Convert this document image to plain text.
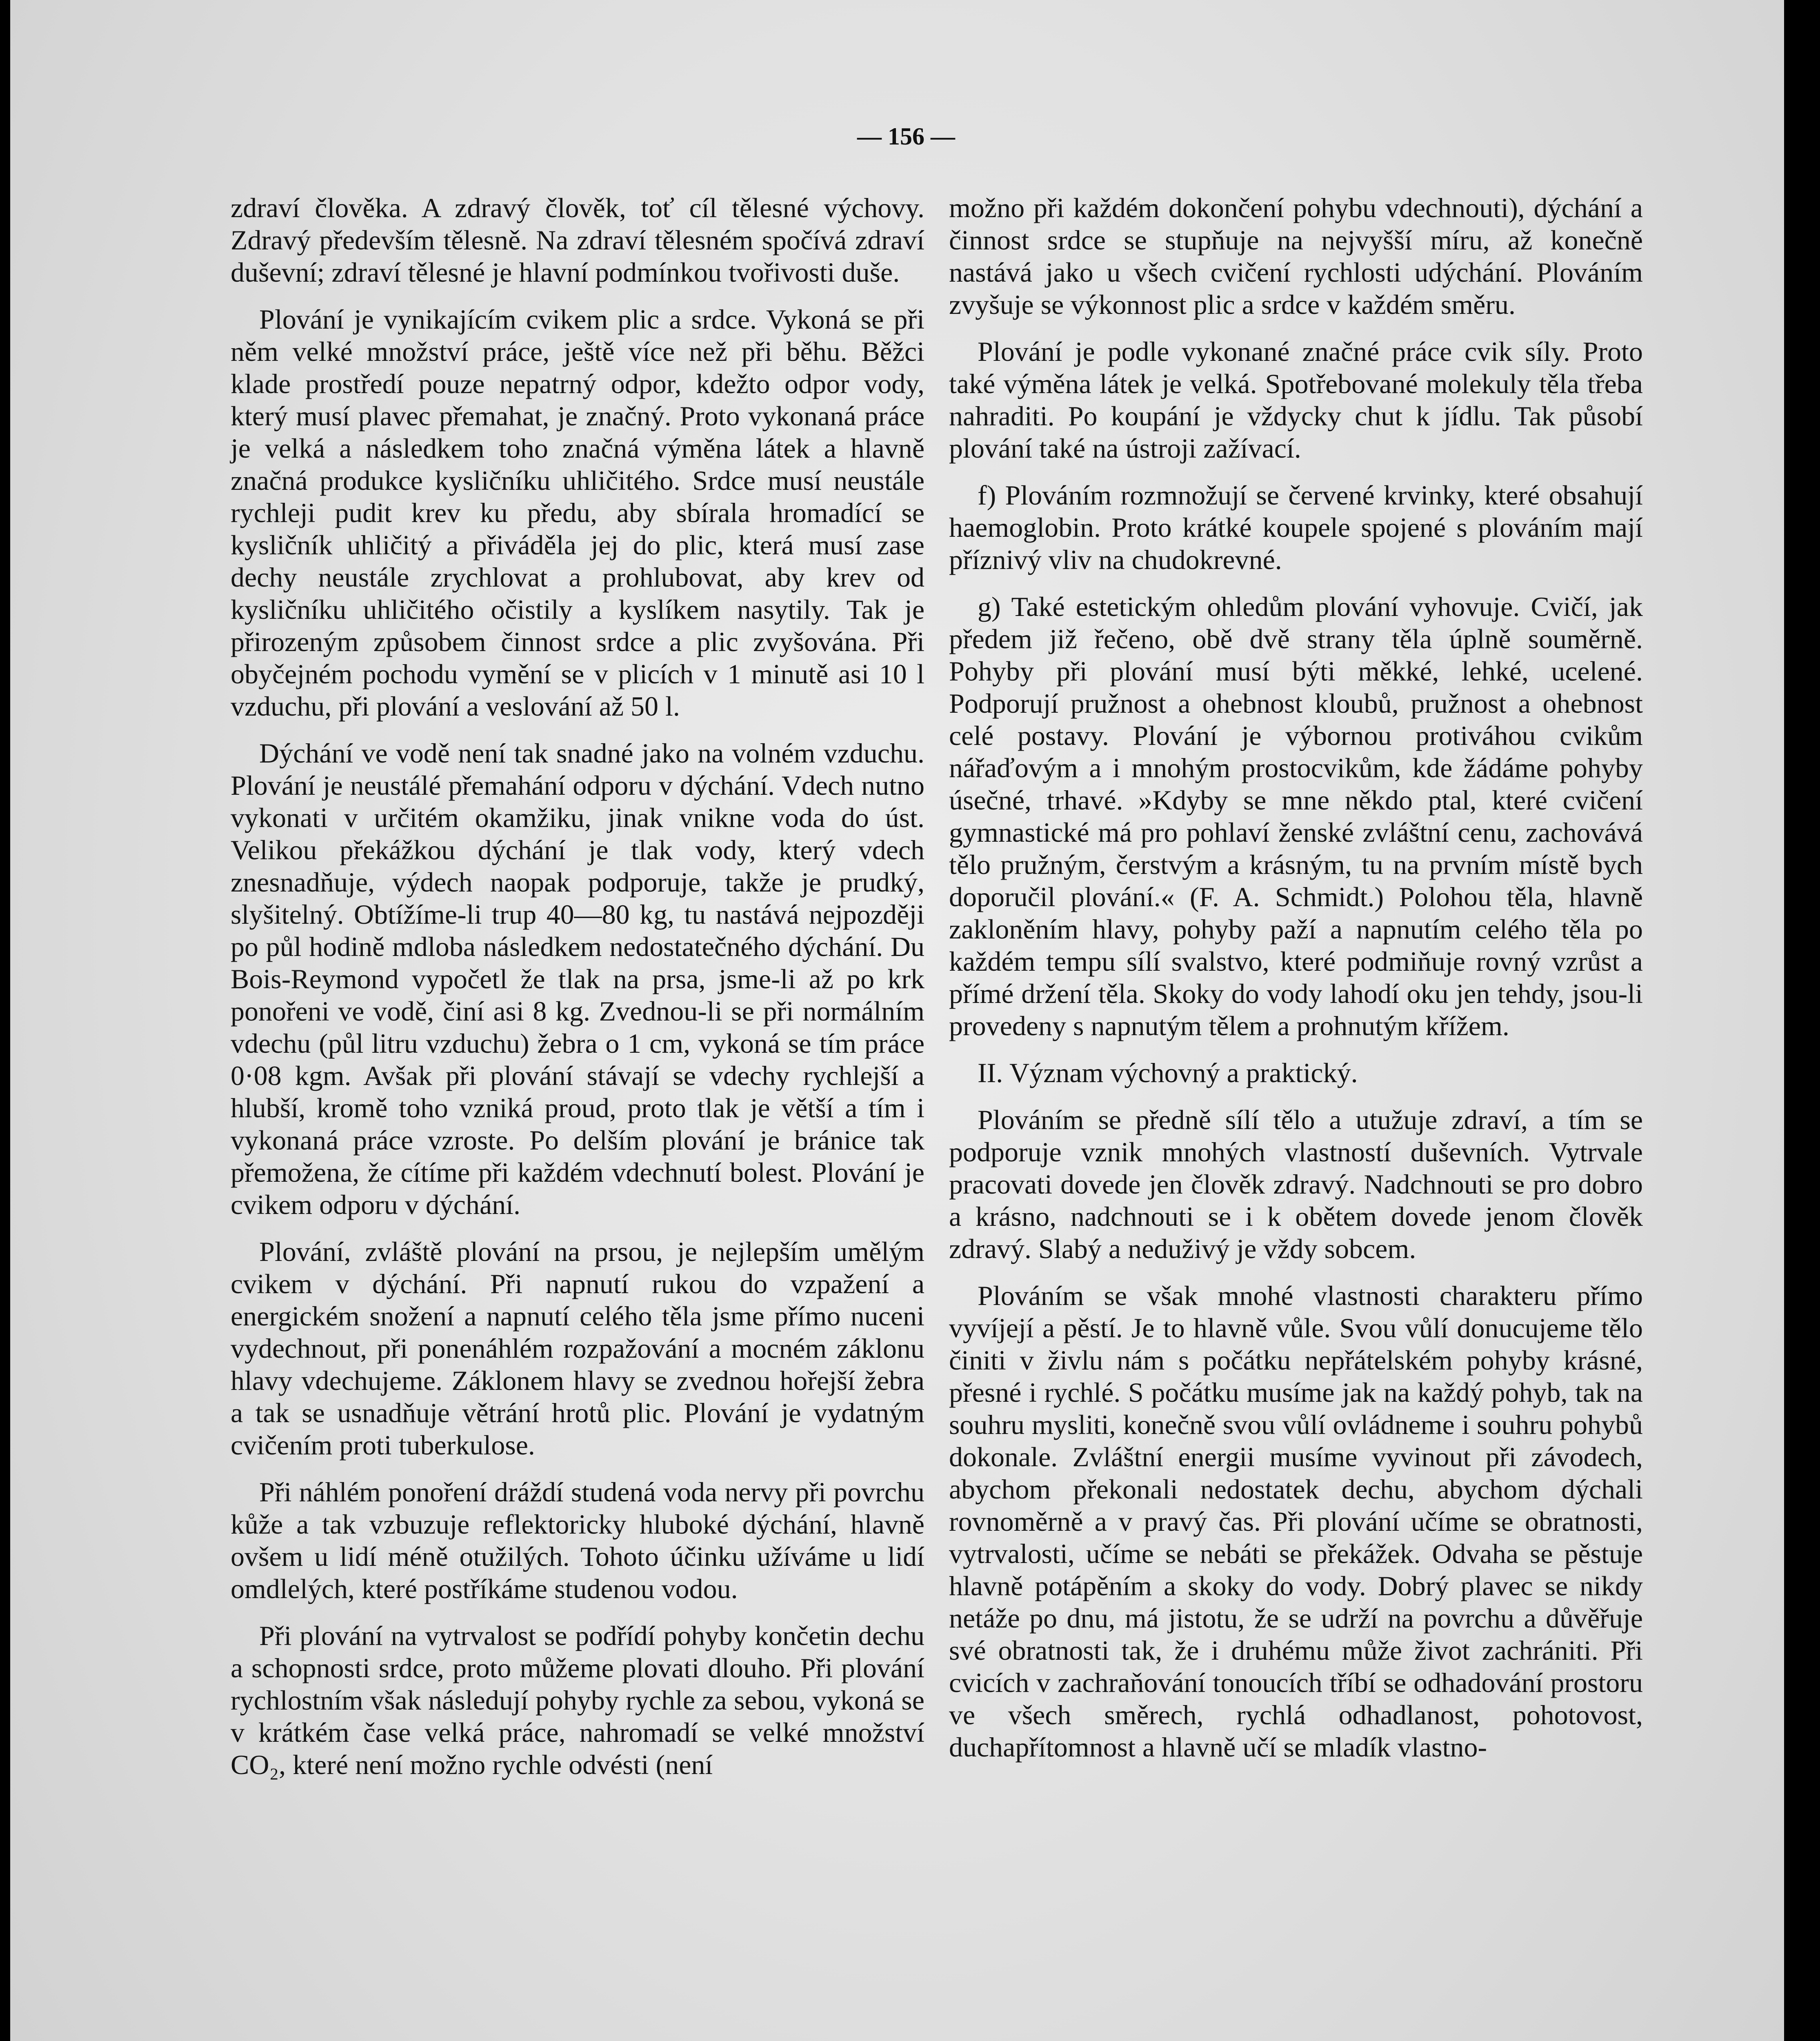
— 156 —

zdraví člověka. A zdravý člověk, toť cíl tělesné výchovy. Zdravý především tělesně. Na zdraví tělesném spočívá zdraví duševní; zdraví tělesné je hlavní podmínkou tvořivosti duše.

Plování je vynikajícím cvikem plic a srdce. Vykoná se při něm velké množství práce, ještě více než při běhu. Běžci klade prostředí pouze nepatrný odpor, kdežto odpor vody, který musí plavec přemahat, je značný. Proto vykonaná práce je velká a následkem toho značná výměna látek a hlavně značná produkce kysličníku uhličitého. Srdce musí neustále rychleji pudit krev ku předu, aby sbírala hromadící se kysličník uhličitý a přiváděla jej do plic, která musí zase dechy neustále zrychlovat a prohlubovat, aby krev od kysličníku uhličitého očistily a kyslíkem nasytily. Tak je přirozeným způsobem činnost srdce a plic zvyšována. Při obyčejném pochodu vymění se v plicích v 1 minutě asi 10 l vzduchu, při plování a veslování až 50 l.

Dýchání ve vodě není tak snadné jako na volném vzduchu. Plování je neustálé přemahání odporu v dýchání. Vdech nutno vykonati v určitém okamžiku, jinak vnikne voda do úst. Velikou překážkou dýchání je tlak vody, který vdech znesnadňuje, výdech naopak podporuje, takže je prudký, slyšitelný. Obtížíme-li trup 40—80 kg, tu nastává nejpozději po půl hodině mdloba následkem nedostatečného dýchání. Du Bois-Reymond vypočetl že tlak na prsa, jsme-li až po krk ponořeni ve vodě, činí asi 8 kg. Zvednou-li se při normálním vdechu (půl litru vzduchu) žebra o 1 cm, vykoná se tím práce 0·08 kgm. Avšak při plování stávají se vdechy rychlejší a hlubší, kromě toho vzniká proud, proto tlak je větší a tím i vykonaná práce vzroste. Po delším plování je bránice tak přemožena, že cítíme při každém vdechnutí bolest. Plování je cvikem odporu v dýchání.

Plování, zvláště plování na prsou, je nejlepším umělým cvikem v dýchání. Při napnutí rukou do vzpažení a energickém snožení a napnutí celého těla jsme přímo nuceni vydechnout, při ponenáhlém rozpažování a mocném záklonu hlavy vdechujeme. Záklonem hlavy se zvednou hořejší žebra a tak se usnadňuje větrání hrotů plic. Plování je vydatným cvičením proti tuberkulose.

Při náhlém ponoření dráždí studená voda nervy při povrchu kůže a tak vzbuzuje reflektoricky hluboké dýchání, hlavně ovšem u lidí méně otužilých. Tohoto účinku užíváme u lidí omdlelých, které postříkáme studenou vodou.

Při plování na vytrvalost se podřídí pohyby končetin dechu a schopnosti srdce, proto můžeme plovati dlouho. Při plování rychlostním však následují pohyby rychle za sebou, vykoná se v krátkém čase velká práce, nahromadí se velké množství CO₂, které není možno rychle odvésti (není

možno při každém dokončení pohybu vdechnouti), dýchání a činnost srdce se stupňuje na nejvyšší míru, až konečně nastává jako u všech cvičení rychlosti udýchání. Plováním zvyšuje se výkonnost plic a srdce v každém směru.

Plování je podle vykonané značné práce cvik síly. Proto také výměna látek je velká. Spotřebované molekuly těla třeba nahraditi. Po koupání je vždycky chut k jídlu. Tak působí plování také na ústroji zažívací.

f) Plováním rozmnožují se červené krvinky, které obsahují haemoglobin. Proto krátké koupele spojené s plováním mají příznivý vliv na chudokrevné.

g) Také estetickým ohledům plování vyhovuje. Cvičí, jak předem již řečeno, obě dvě strany těla úplně souměrně. Pohyby při plování musí býti měkké, lehké, ucelené. Podporují pružnost a ohebnost kloubů, pružnost a ohebnost celé postavy. Plování je výbornou protiváhou cvikům nářaďovým a i mnohým prostocvikům, kde žádáme pohyby úsečné, trhavé. »Kdyby se mne někdo ptal, které cvičení gymnastické má pro pohlaví ženské zvláštní cenu, zachovává tělo pružným, čerstvým a krásným, tu na prvním místě bych doporučil plování.« (F. A. Schmidt.) Polohou těla, hlavně zakloněním hlavy, pohyby paží a napnutím celého těla po každém tempu sílí svalstvo, které podmiňuje rovný vzrůst a přímé držení těla. Skoky do vody lahodí oku jen tehdy, jsou-li provedeny s napnutým tělem a prohnutým křížem.

II. Význam výchovný a praktický.

Plováním se předně sílí tělo a utužuje zdraví, a tím se podporuje vznik mnohých vlastností duševních. Vytrvale pracovati dovede jen člověk zdravý. Nadchnouti se pro dobro a krásno, nadchnouti se i k obětem dovede jenom člověk zdravý. Slabý a neduživý je vždy sobcem.

Plováním se však mnohé vlastnosti charakteru přímo vyvíjejí a pěstí. Je to hlavně vůle. Svou vůlí donucujeme tělo činiti v živlu nám s počátku nepřátelském pohyby krásné, přesné i rychlé. S počátku musíme jak na každý pohyb, tak na souhru mysliti, konečně svou vůlí ovládneme i souhru pohybů dokonale. Zvláštní energii musíme vyvinout při závodech, abychom překonali nedostatek dechu, abychom dýchali rovnoměrně a v pravý čas. Při plování učíme se obratnosti, vytrvalosti, učíme se nebáti se překážek. Odvaha se pěstuje hlavně potápěním a skoky do vody. Dobrý plavec se nikdy netáže po dnu, má jistotu, že se udrží na povrchu a důvěřuje své obratnosti tak, že i druhému může život zachrániti. Při cvicích v zachraňování tonoucích tříbí se odhadování prostoru ve všech směrech, rychlá odhadlanost, pohotovost, duchapřítomnost a hlavně učí se mladík vlastno-
